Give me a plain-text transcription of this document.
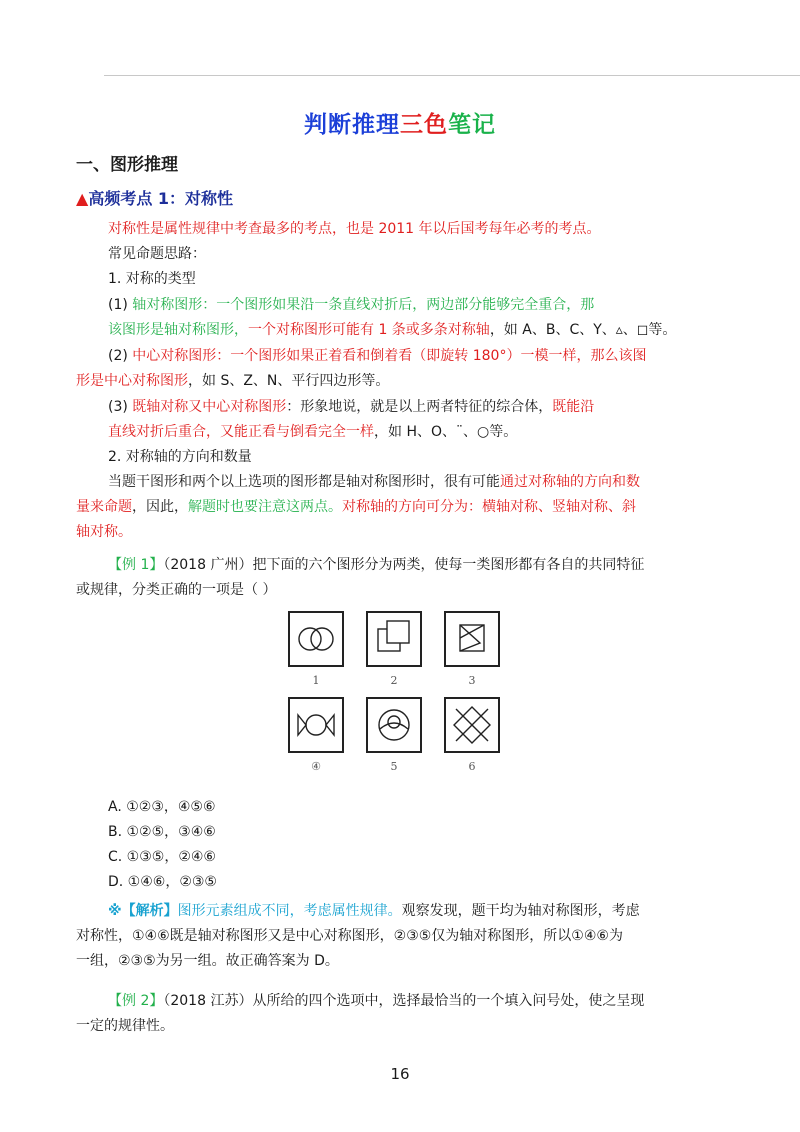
判断推理三色笔记
一、图形推理
▲高频考点 1：对称性
对称性是属性规律中考查最多的考点，也是 2011 年以后国考每年必考的考点。
常见命题思路：
1. 对称的类型
(1) 轴对称图形：一个图形如果沿一条直线对折后，两边部分能够完全重合，那
该图形是轴对称图形，一个对称图形可能有 1 条或多条对称轴，如 A、B、C、Y、▵、◻等。
(2) 中心对称图形：一个图形如果正着看和倒着看（即旋转 180°）一模一样，那么该图
形是中心对称图形，如 S、Z、N、平行四边形等。
(3) 既轴对称又中心对称图形：形象地说，就是以上两者特征的综合体，既能沿
直线对折后重合，又能正看与倒看完全一样，如 H、O、¨、○等。
2. 对称轴的方向和数量
当题干图形和两个以上选项的图形都是轴对称图形时，很有可能通过对称轴的方向和数
量来命题，因此，解题时也要注意这两点。对称轴的方向可分为：横轴对称、竖轴对称、斜
轴对称。
【例 1】（2018 广州）把下面的六个图形分为两类，使每一类图形都有各自的共同特征
或规律，分类正确的一项是（ ）
1	2	3
④	5	6
A. ①②③，④⑤⑥
B. ①②⑤，③④⑥
C. ①③⑤，②④⑥
D. ①④⑥，②③⑤
※【解析】图形元素组成不同，考虑属性规律。观察发现，题干均为轴对称图形，考虑
对称性，①④⑥既是轴对称图形又是中心对称图形，②③⑤仅为轴对称图形，所以①④⑥为
一组，②③⑤为另一组。故正确答案为 D。
【例 2】（2018 江苏）从所给的四个选项中，选择最恰当的一个填入问号处，使之呈现
一定的规律性。
16
